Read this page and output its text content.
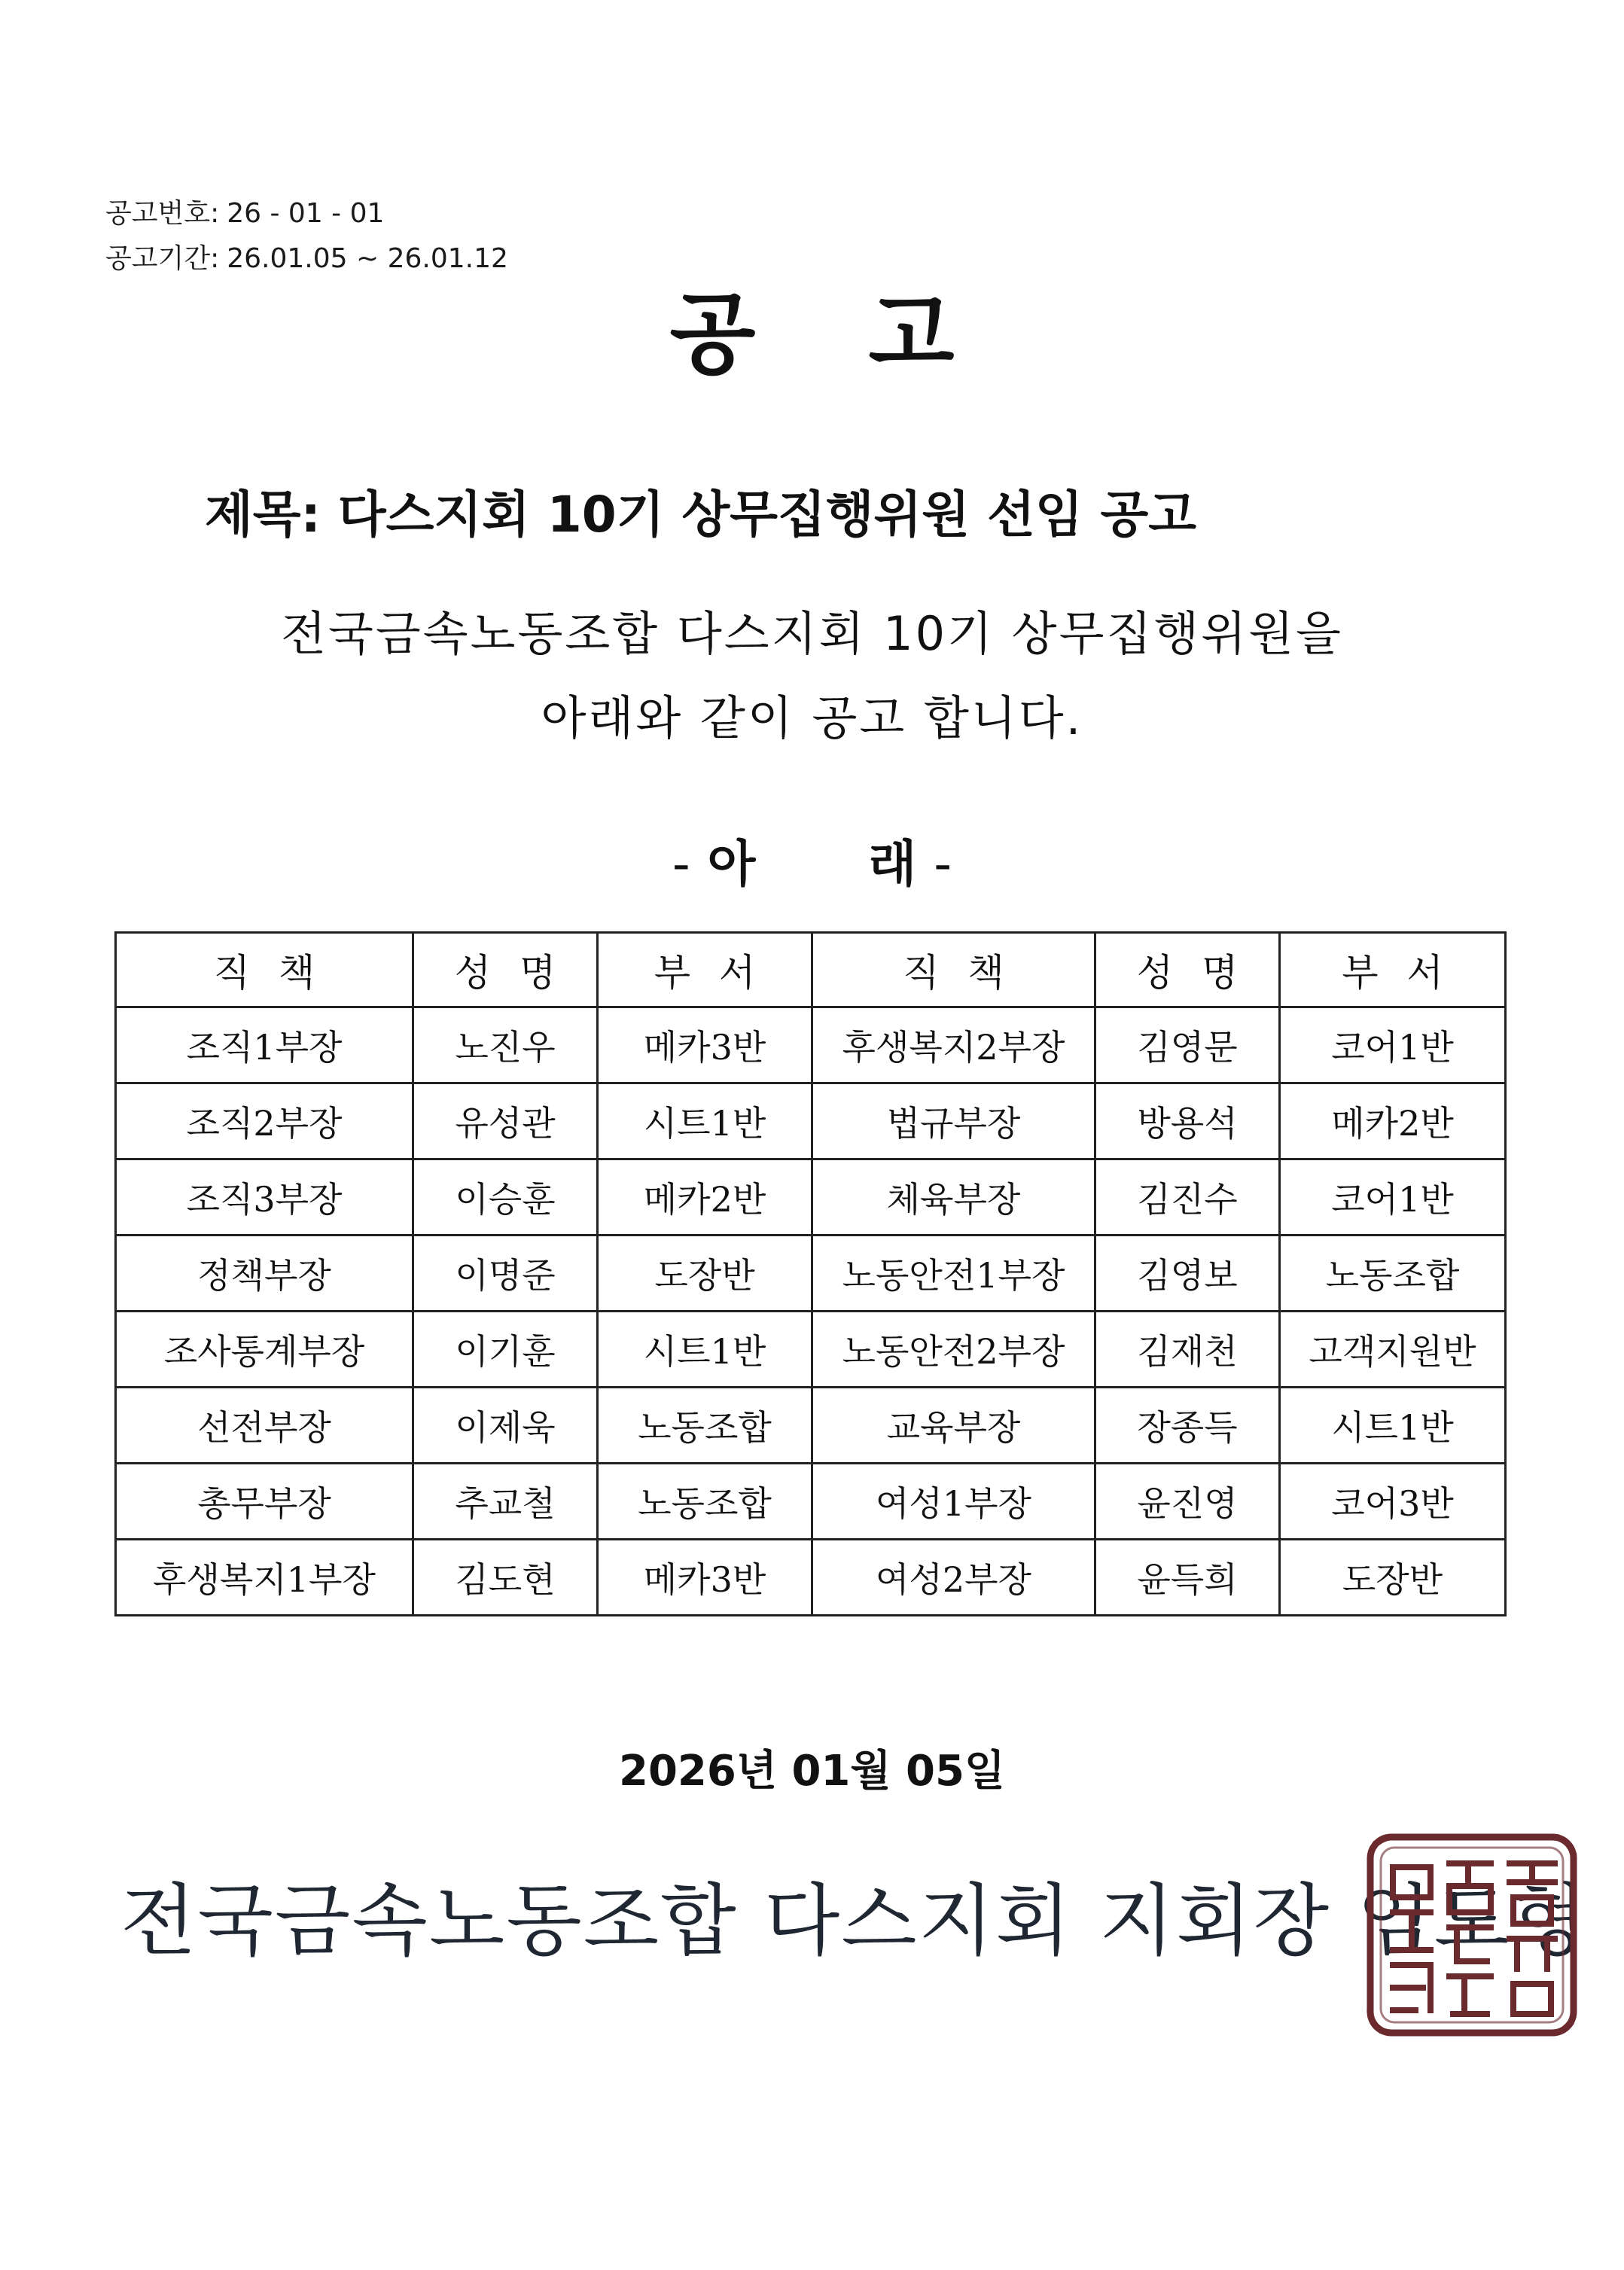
공고번호: 26 - 01 - 01
공고기간: 26.01.05 ~ 26.01.12
공고
제목: 다스지회 10기 상무집행위원 선임 공고
전국금속노동조합 다스지회 10기 상무집행위원을
아래와 같이 공고 합니다.
- 아 래 -
직책	성명	부서	직책	성명	부서
조직1부장	노진우	메카3반	후생복지2부장	김영문	코어1반
조직2부장	유성관	시트1반	법규부장	방용석	메카2반
조직3부장	이승훈	메카2반	체육부장	김진수	코어1반
정책부장	이명준	도장반	노동안전1부장	김영보	노동조합
조사통계부장	이기훈	시트1반	노동안전2부장	김재천	고객지원반
선전부장	이제욱	노동조합	교육부장	장종득	시트1반
총무부장	추교철	노동조합	여성1부장	윤진영	코어3반
후생복지1부장	김도현	메카3반	여성2부장	윤득희	도장반
2026년 01월 05일
전국금속노동조합 다스지회 지회장 임도형
